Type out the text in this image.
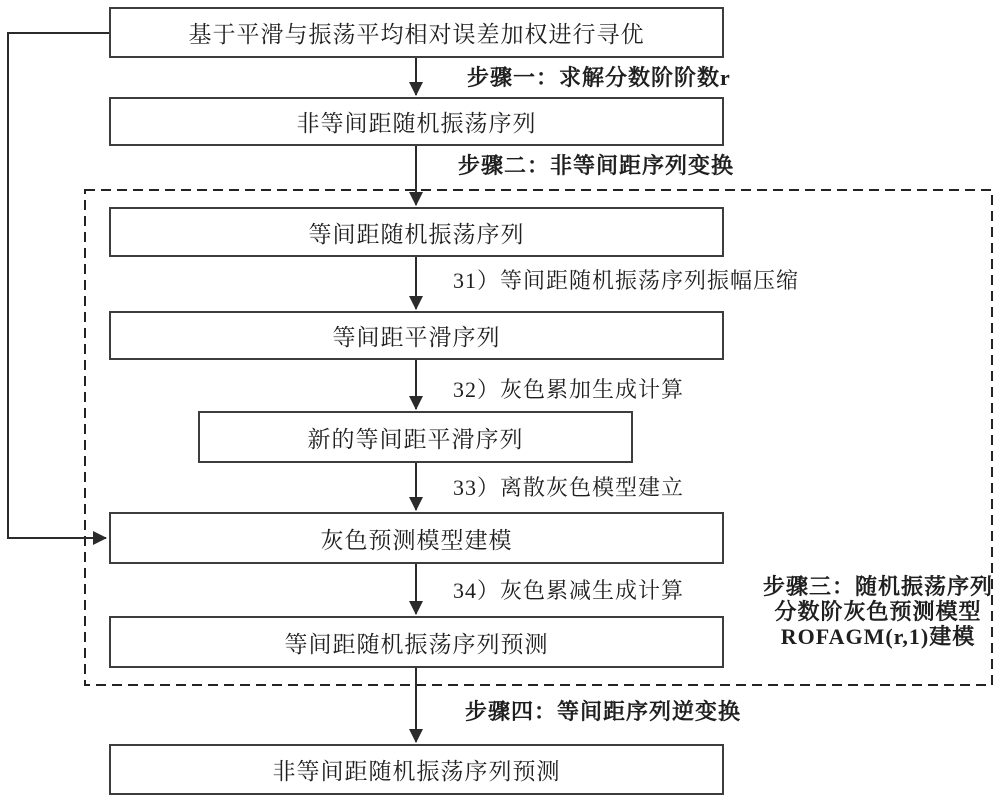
基于平滑与振荡平均相对误差加权进行寻优
非等间距随机振荡序列
等间距随机振荡序列
等间距平滑序列
新的等间距平滑序列
灰色预测模型建模
等间距随机振荡序列预测
非等间距随机振荡序列预测
步骤一：求解分数阶阶数r
步骤二：非等间距序列变换
31）等间距随机振荡序列振幅压缩
32）灰色累加生成计算
33）离散灰色模型建立
34）灰色累减生成计算
步骤四：等间距序列逆变换
步骤三：随机振荡序列
分数阶灰色预测模型
ROFAGM(r,1)建模
